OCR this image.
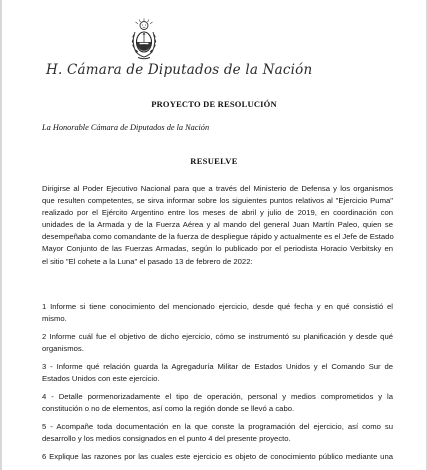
H. Cámara de Diputados de la Nación
PROYECTO DE RESOLUCIÓN

La Honorable Cámara de Diputados de la Nación

RESUELVE
Dirigirse al Poder Ejecutivo Nacional para que a través del Ministerio de Defensa y los organismos
que resulten competentes, se sirva informar sobre los siguientes puntos relativos al "Ejercicio Puma"
realizado por el Ejército Argentino entre los meses de abril y julio de 2019, en coordinación con
unidades de la Armada y de la Fuerza Aérea y al mando del general Juan Martín Paleo, quien se
desempeñaba como comandante de la fuerza de despliegue rápido y actualmente es el Jefe de Estado
Mayor Conjunto de las Fuerzas Armadas, según lo publicado por el periodista Horacio Verbitsky en
el sitio "El cohete a la Luna" el pasado 13 de febrero de 2022:
1 Informe si tiene conocimiento del mencionado ejercicio, desde qué fecha y en qué consistió el
mismo.
2 Informe cuál fue el objetivo de dicho ejercicio, cómo se instrumentó su planificación y desde qué
organismos.
3 - Informe qué relación guarda la Agregaduría Militar de Estados Unidos y el Comando Sur de
Estados Unidos con este ejercicio.
4 - Detalle pormenorizadamente el tipo de operación, personal y medios comprometidos y la
constitución o no de elementos, así como la región donde se llevó a cabo.
5 - Acompañe toda documentación en la que conste la programación del ejercicio, así como su
desarrollo y los medios consignados en el punto 4 del presente proyecto.
6 Explique las razones por las cuales este ejercicio es objeto de conocimiento público mediante una
